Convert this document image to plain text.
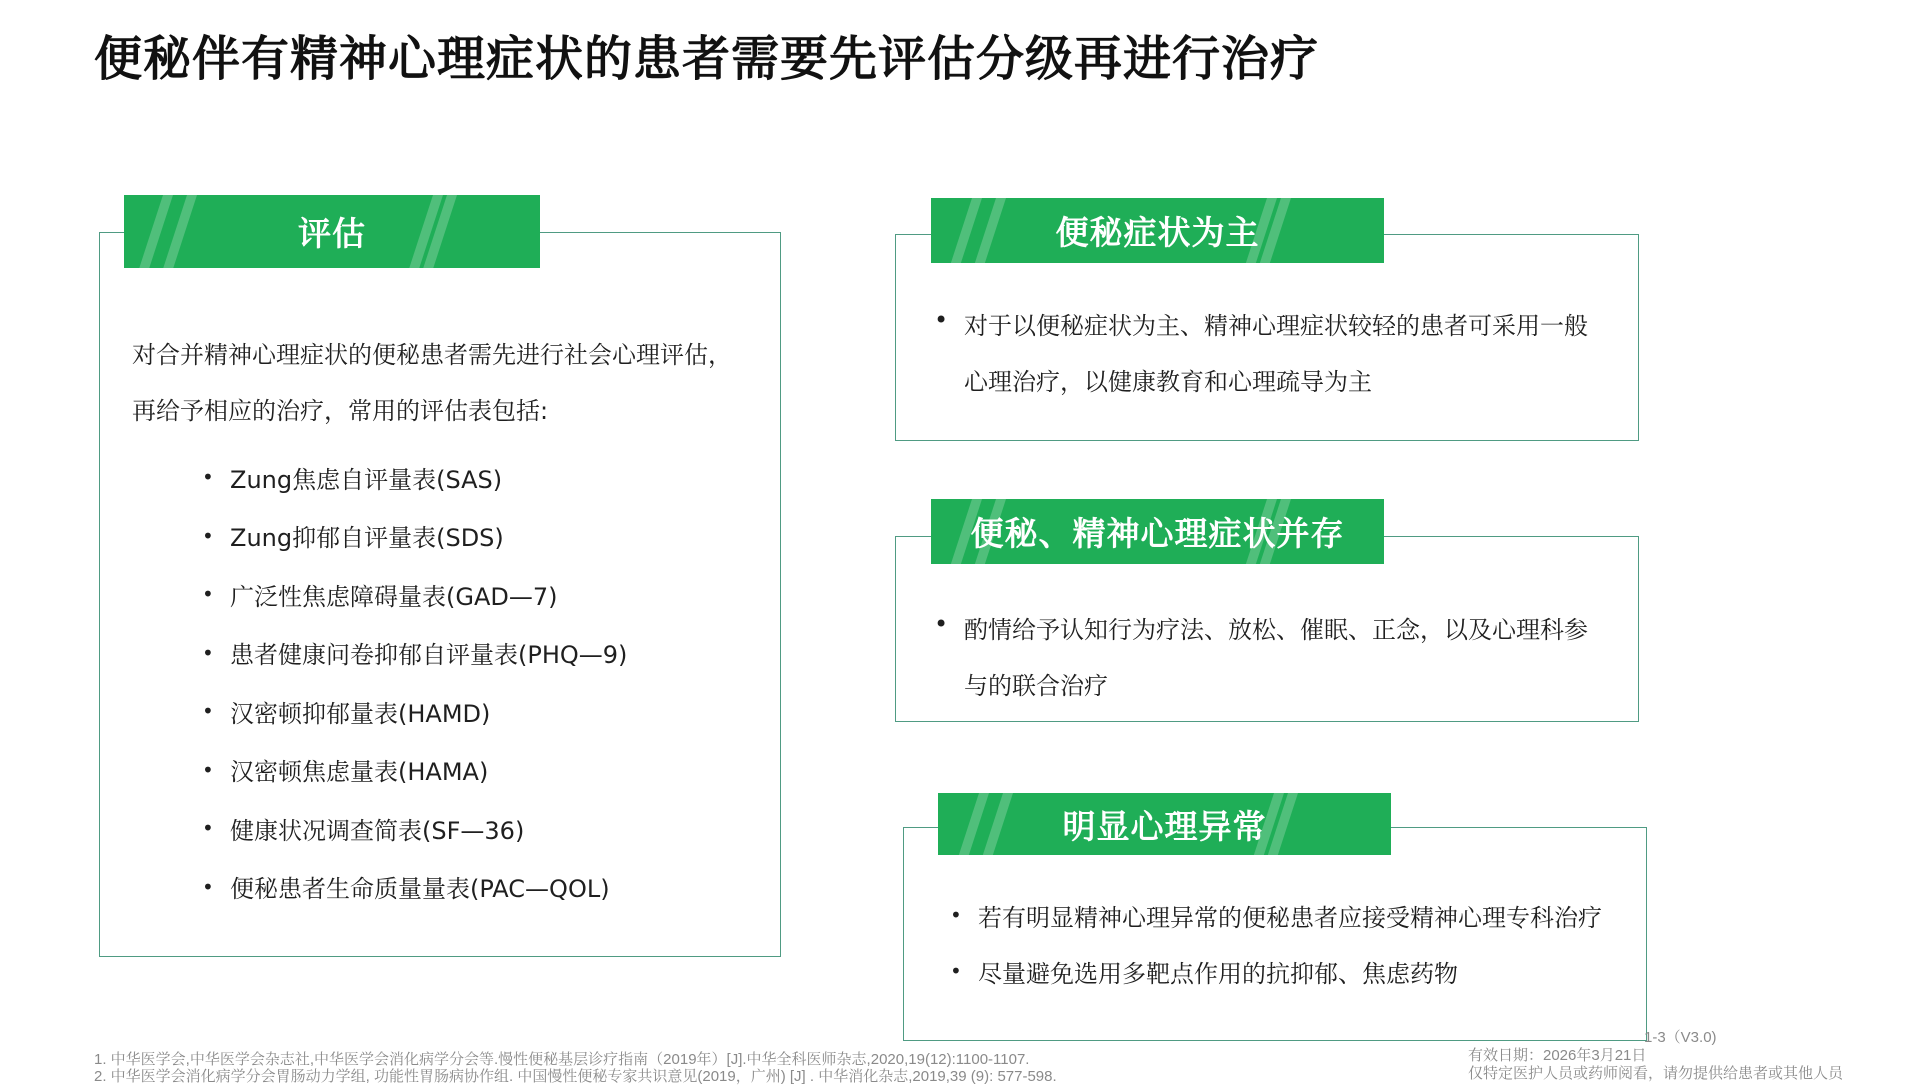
便秘伴有精神心理症状的患者需要先评估分级再进行治疗
评估
对合并精神心理症状的便秘患者需先进行社会心理评估，
再给予相应的治疗，常用的评估表包括:
• Zung焦虑自评量表(SAS)
• Zung抑郁自评量表(SDS)
• 广泛性焦虑障碍量表(GAD—7)
• 患者健康问卷抑郁自评量表(PHQ—9)
• 汉密顿抑郁量表(HAMD)
• 汉密顿焦虑量表(HAMA)
• 健康状况调查简表(SF—36)
• 便秘患者生命质量量表(PAC—QOL)
便秘症状为主
• 对于以便秘症状为主、精神心理症状较轻的患者可采用一般
心理治疗，以健康教育和心理疏导为主
便秘、精神心理症状并存
• 酌情给予认知行为疗法、放松、催眠、正念，以及心理科参
与的联合治疗
明显心理异常
• 若有明显精神心理异常的便秘患者应接受精神心理专科治疗
• 尽量避免选用多靶点作用的抗抑郁、焦虑药物
1. 中华医学会,中华医学会杂志社,中华医学会消化病学分会等.慢性便秘基层诊疗指南（2019年）[J].中华全科医师杂志,2020,19(12):1100-1107.
2. 中华医学会消化病学分会胃肠动力学组, 功能性胃肠病协作组. 中国慢性便秘专家共识意见(2019，广州) [J] . 中华消化杂志,2019,39 (9): 577-598.
1-3（V3.0)
有效日期：2026年3月21日
仅特定医护人员或药师阅看，请勿提供给患者或其他人员
